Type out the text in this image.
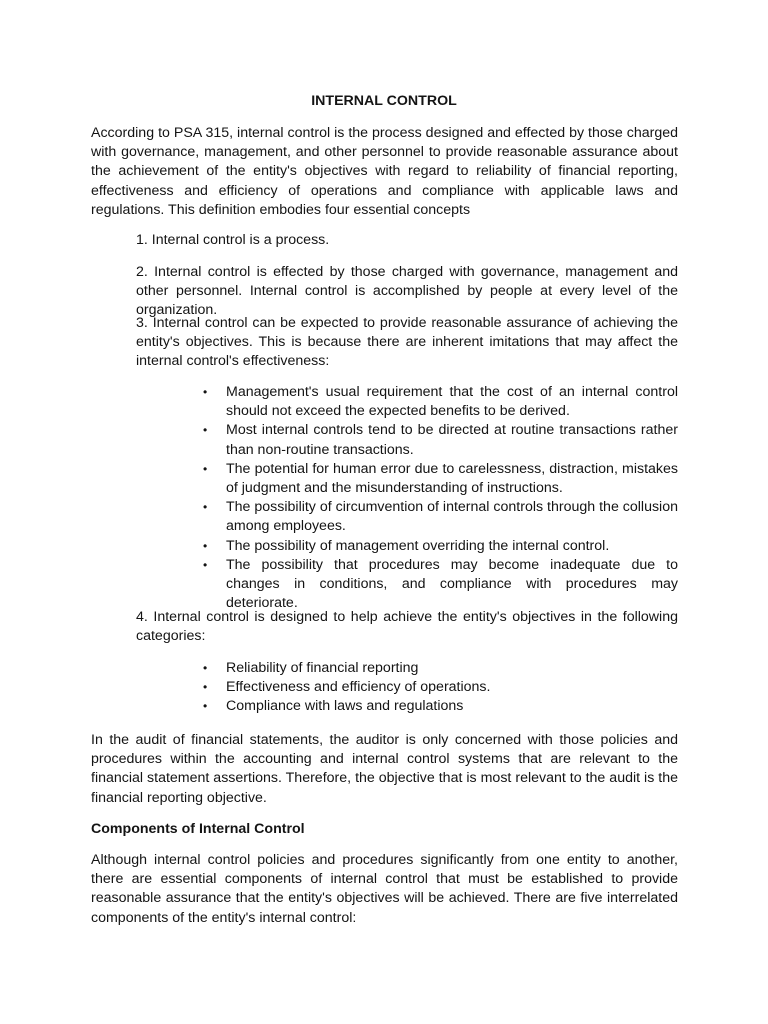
INTERNAL CONTROL

According to PSA 315, internal control is the process designed and effected by those charged with governance, management, and other personnel to provide reasonable assurance about the achievement of the entity's objectives with regard to reliability of financial reporting, effectiveness and efficiency of operations and compliance with applicable laws and regulations. This definition embodies four essential concepts

1. Internal control is a process.

2. Internal control is effected by those charged with governance, management and other personnel. Internal control is accomplished by people at every level of the organization.

3. Internal control can be expected to provide reasonable assurance of achieving the entity's objectives. This is because there are inherent imitations that may affect the internal control's effectiveness:

• Management's usual requirement that the cost of an internal control should not exceed the expected benefits to be derived.
• Most internal controls tend to be directed at routine transactions rather than non-routine transactions.
• The potential for human error due to carelessness, distraction, mistakes of judgment and the misunderstanding of instructions.
• The possibility of circumvention of internal controls through the collusion among employees.
• The possibility of management overriding the internal control.
• The possibility that procedures may become inadequate due to changes in conditions, and compliance with procedures may deteriorate.

4. Internal control is designed to help achieve the entity's objectives in the following categories:

• Reliability of financial reporting
• Effectiveness and efficiency of operations.
• Compliance with laws and regulations

In the audit of financial statements, the auditor is only concerned with those policies and procedures within the accounting and internal control systems that are relevant to the financial statement assertions. Therefore, the objective that is most relevant to the audit is the financial reporting objective.

Components of Internal Control

Although internal control policies and procedures significantly from one entity to another, there are essential components of internal control that must be established to provide reasonable assurance that the entity's objectives will be achieved. There are five interrelated components of the entity's internal control:
